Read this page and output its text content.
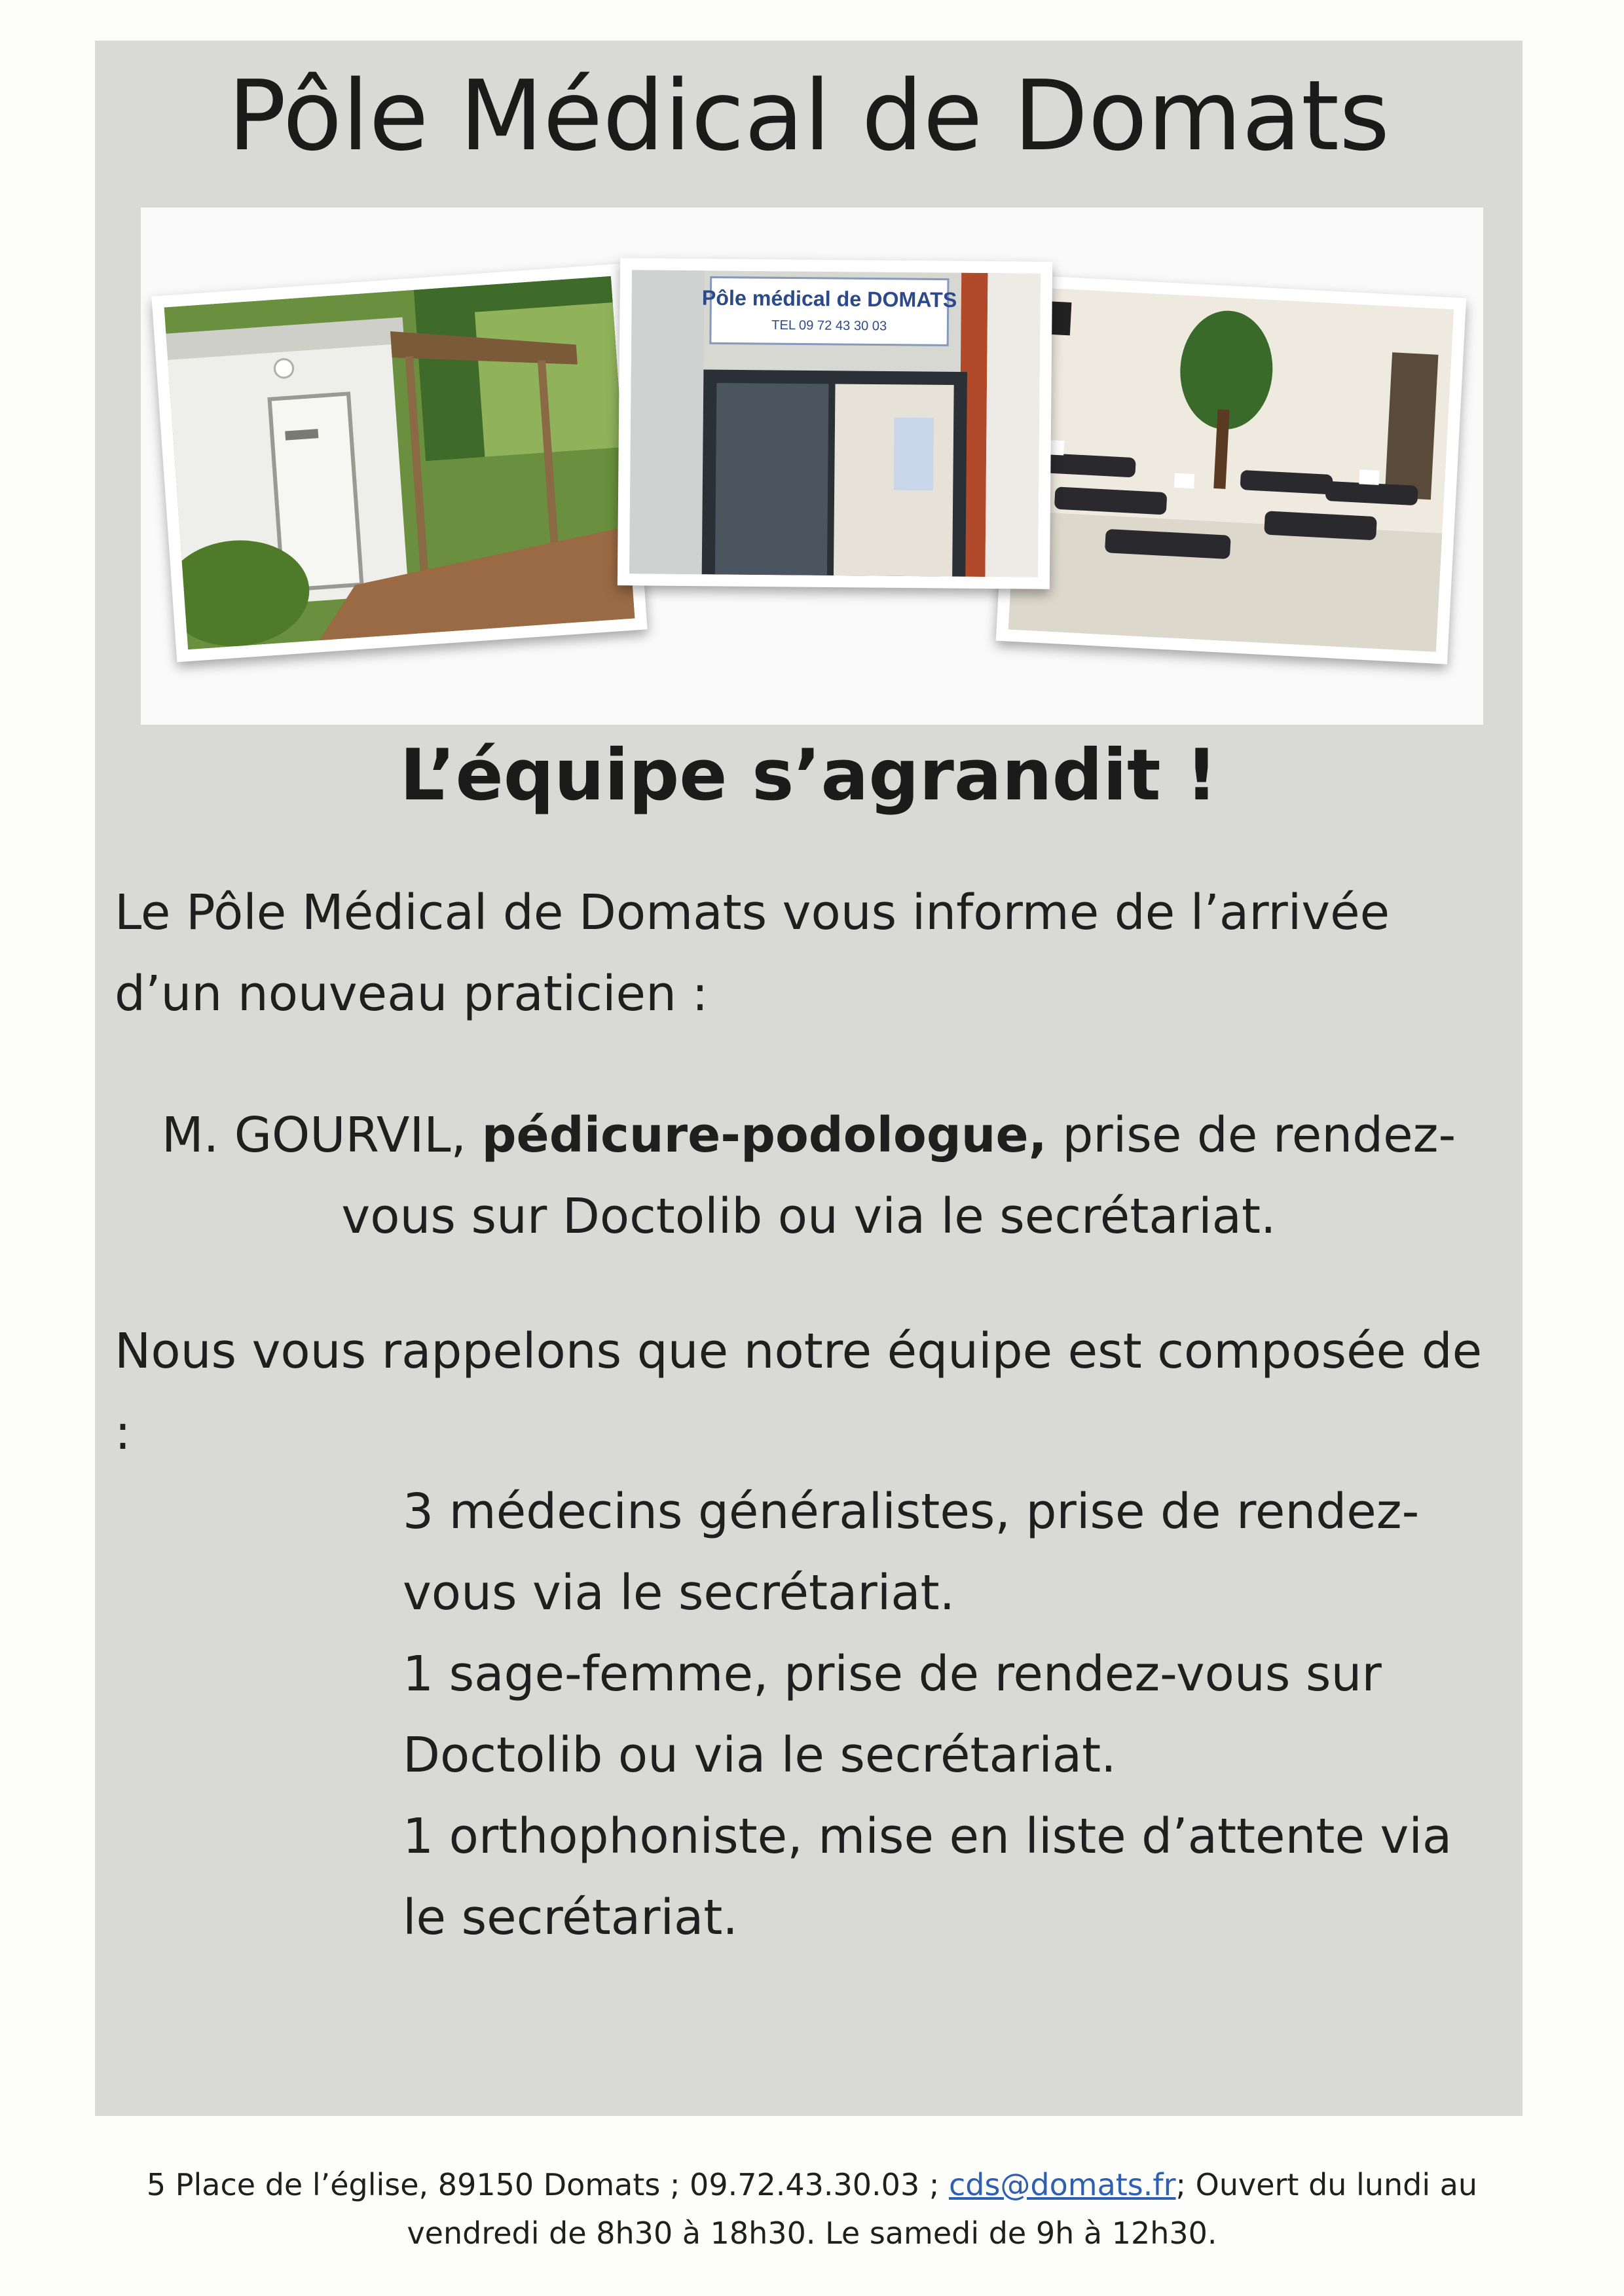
Pôle Médical de Domats
Pôle médical de DOMATS
TEL 09 72 43 30 03
L’équipe s’agrandit !

Le Pôle Médical de Domats vous informe de l’arrivée d’un nouveau praticien :

M. GOURVIL, pédicure-podologue, prise de rendez-vous sur Doctolib ou via le secrétariat.

Nous vous rappelons que notre équipe est composée de :

3 médecins généralistes, prise de rendez-vous via le secrétariat.
1 sage-femme, prise de rendez-vous sur Doctolib ou via le secrétariat.
1 orthophoniste, mise en liste d’attente via le secrétariat.
5 Place de l’église, 89150 Domats ; 09.72.43.30.03 ; cds@domats.fr; Ouvert du lundi au
vendredi de 8h30 à 18h30. Le samedi de 9h à 12h30.
